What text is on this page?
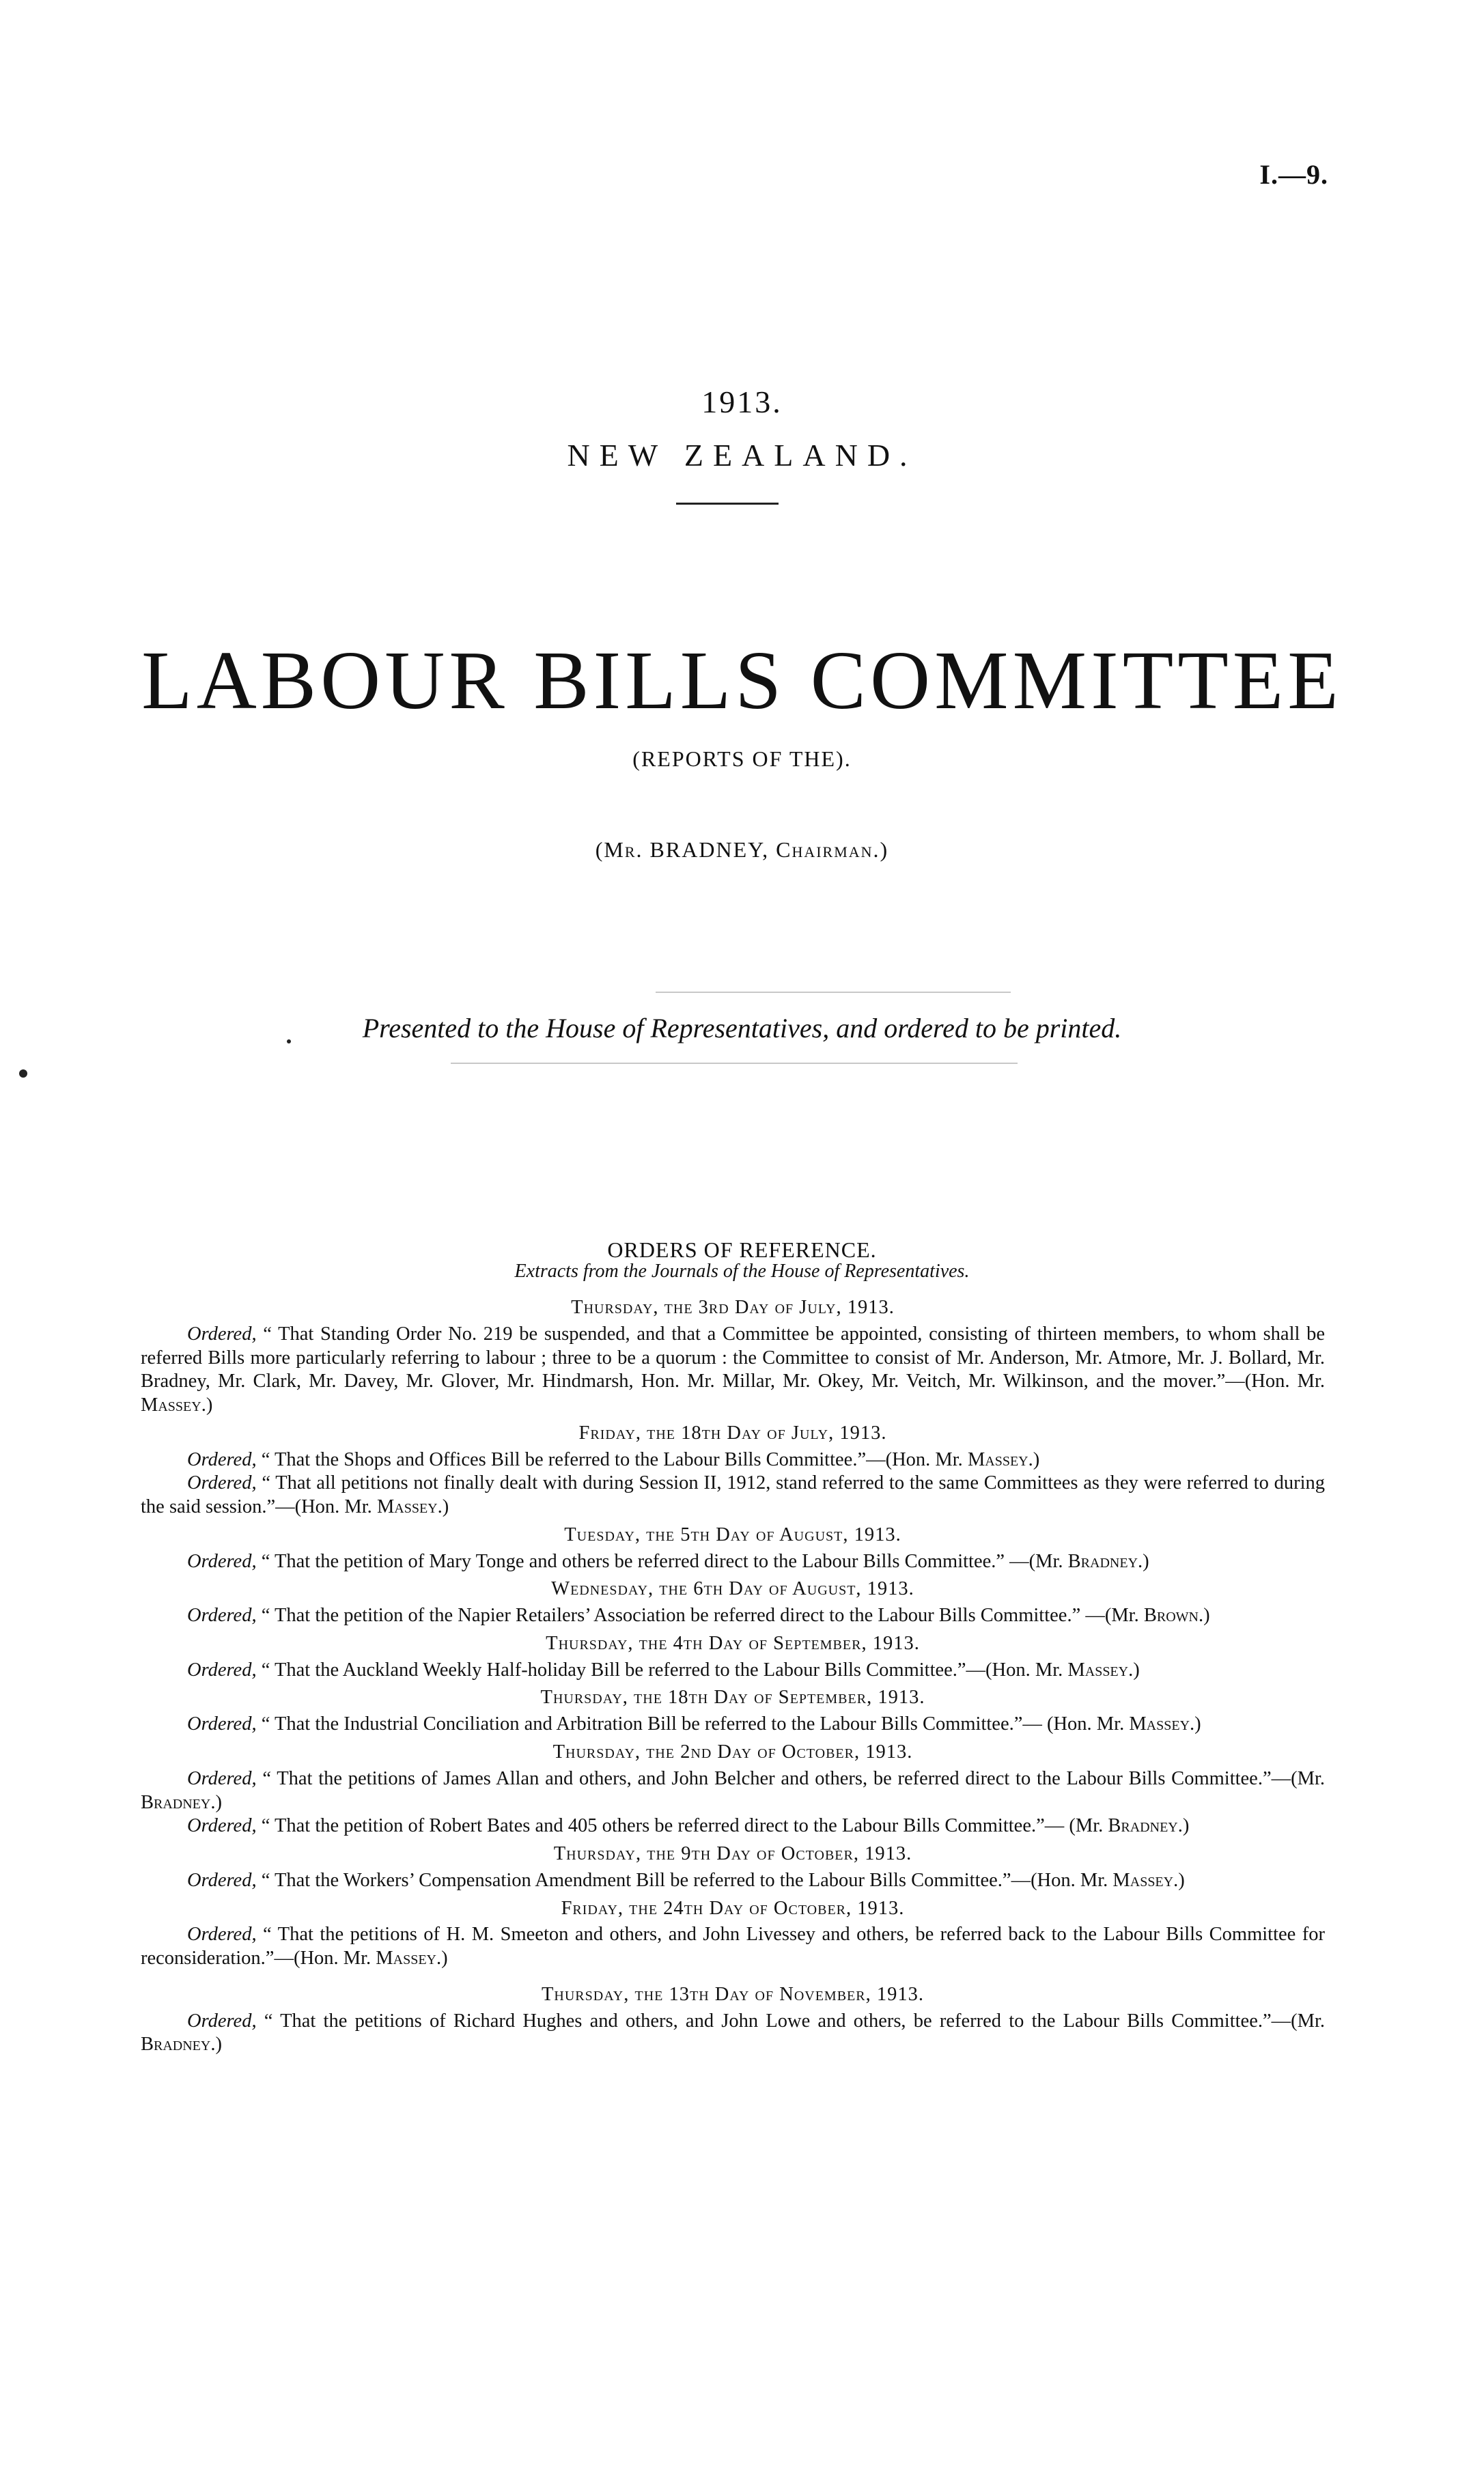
I.—9.
1913.
NEW ZEALAND.
LABOUR BILLS COMMITTEE
(REPORTS OF THE).
(Mr. BRADNEY, Chairman.)
Presented to the House of Representatives, and ordered to be printed.
ORDERS OF REFERENCE.
Extracts from the Journals of the House of Representatives.
Thursday, the 3rd Day of July, 1913.

Ordered, “ That Standing Order No. 219 be suspended, and that a Committee be appointed, consisting of thirteen members, to whom shall be referred Bills more particularly referring to labour ; three to be a quorum : the Committee to consist of Mr. Anderson, Mr. Atmore, Mr. J. Bollard, Mr. Bradney, Mr. Clark, Mr. Davey, Mr. Glover, Mr. Hindmarsh, Hon. Mr. Millar, Mr. Okey, Mr. Veitch, Mr. Wilkinson, and the mover.”—(Hon. Mr. Massey.)

Friday, the 18th Day of July, 1913.

Ordered, “ That the Shops and Offices Bill be referred to the Labour Bills Committee.”—(Hon. Mr. Massey.)

Ordered, “ That all petitions not finally dealt with during Session II, 1912, stand referred to the same Committees as they were referred to during the said session.”—(Hon. Mr. Massey.)

Tuesday, the 5th Day of August, 1913.

Ordered, “ That the petition of Mary Tonge and others be referred direct to the Labour Bills Committee.” —(Mr. Bradney.)

Wednesday, the 6th Day of August, 1913.

Ordered, “ That the petition of the Napier Retailers’ Association be referred direct to the Labour Bills Committee.” —(Mr. Brown.)

Thursday, the 4th Day of September, 1913.

Ordered, “ That the Auckland Weekly Half-holiday Bill be referred to the Labour Bills Committee.”—(Hon. Mr. Massey.)

Thursday, the 18th Day of September, 1913.

Ordered, “ That the Industrial Conciliation and Arbitration Bill be referred to the Labour Bills Committee.”— (Hon. Mr. Massey.)

Thursday, the 2nd Day of October, 1913.

Ordered, “ That the petitions of James Allan and others, and John Belcher and others, be referred direct to the Labour Bills Committee.”—(Mr. Bradney.)

Ordered, “ That the petition of Robert Bates and 405 others be referred direct to the Labour Bills Committee.”— (Mr. Bradney.)

Thursday, the 9th Day of October, 1913.

Ordered, “ That the Workers’ Compensation Amendment Bill be referred to the Labour Bills Committee.”—(Hon. Mr. Massey.)

Friday, the 24th Day of October, 1913.

Ordered, “ That the petitions of H. M. Smeeton and others, and John Livessey and others, be referred back to the Labour Bills Committee for reconsideration.”—(Hon. Mr. Massey.)

Thursday, the 13th Day of November, 1913.

Ordered, “ That the petitions of Richard Hughes and others, and John Lowe and others, be referred to the Labour Bills Committee.”—(Mr. Bradney.)
